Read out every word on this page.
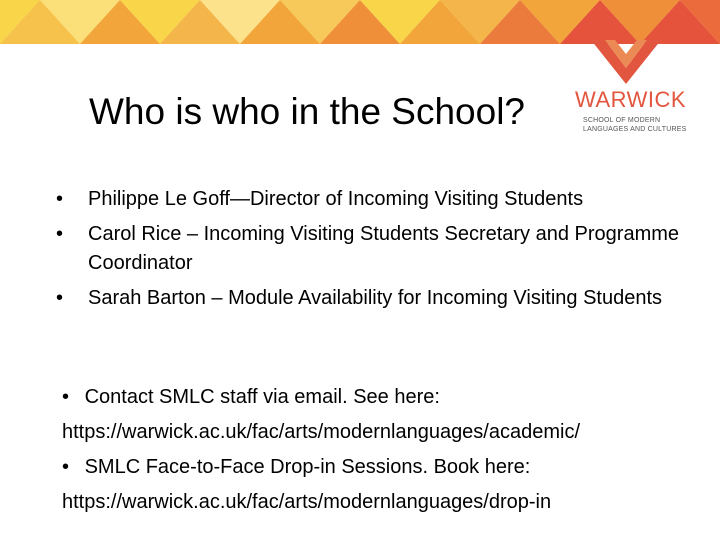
Who is who in the School? WARWICK
SCHOOL OF MODERN
LANGUAGES AND CULTURES
• Philippe Le Goff—Director of Incoming Visiting Students
• Carol Rice – Incoming Visiting Students Secretary and Programme Coordinator
• Sarah Barton – Module Availability for Incoming Visiting Students
• Contact SMLC staff via email. See here:
https://warwick.ac.uk/fac/arts/modernlanguages/academic/
• SMLC Face-to-Face Drop-in Sessions. Book here:
https://warwick.ac.uk/fac/arts/modernlanguages/drop-in
